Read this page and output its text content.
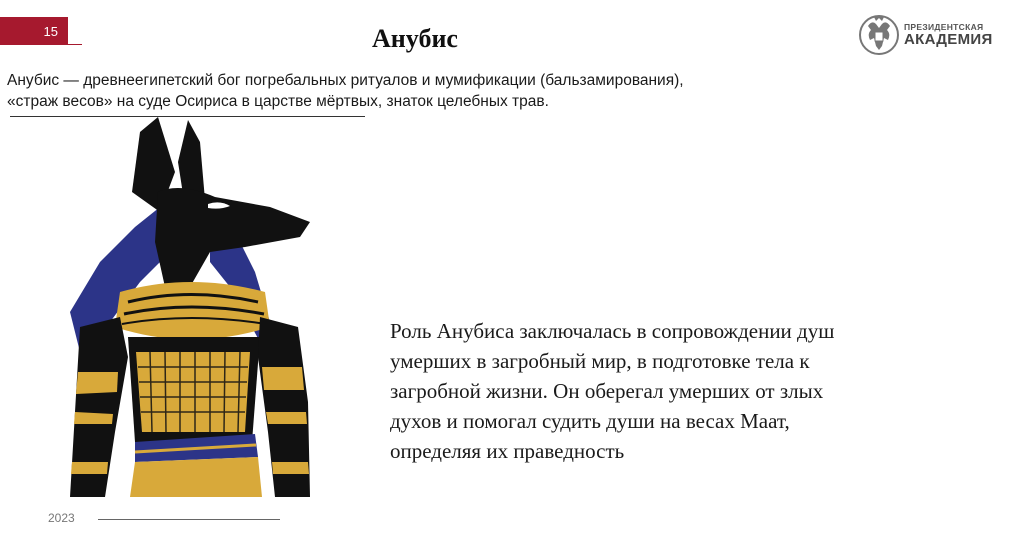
15	Анубис	ПРЕЗИДЕНТСКАЯ
АКАДЕМИЯ
Анубис — древнеегипетский бог погребальных ритуалов и мумификации (бальзамирования),
«страж весов» на суде Осириса в царстве мёртвых, знаток целебных трав.
Роль Анубиса заключалась в сопровождении душ умерших в загробный мир, в подготовке тела к загробной жизни. Он оберегал умерших от злых духов и помогал судить души на весах Маат, определяя их праведность
2023
